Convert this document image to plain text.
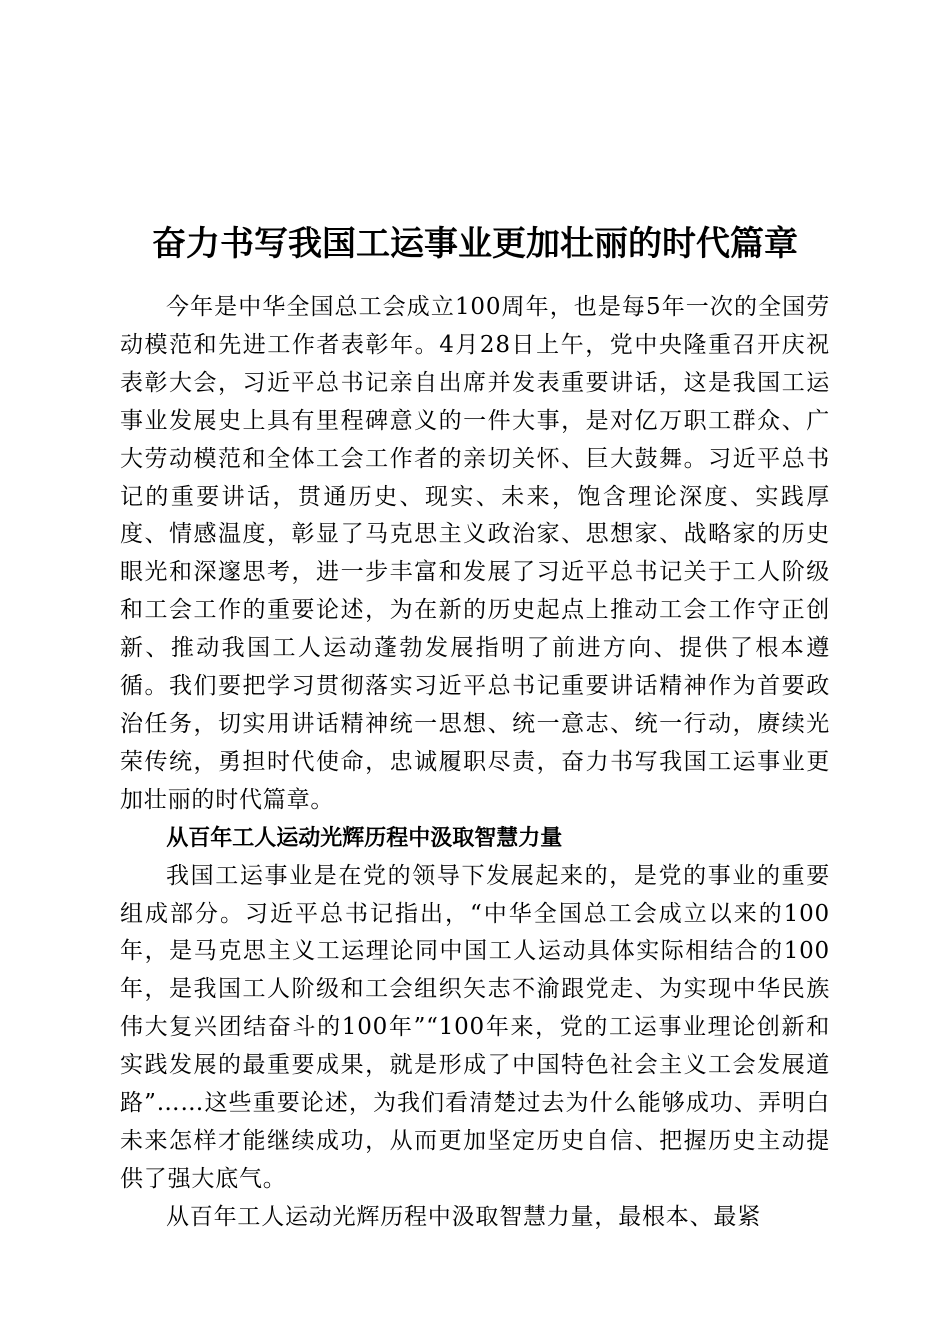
奋力书写我国工运事业更加壮丽的时代篇章

今年是中华全国总工会成立100周年，也是每5年一次的全国劳动模范和先进工作者表彰年。4月28日上午，党中央隆重召开庆祝表彰大会，习近平总书记亲自出席并发表重要讲话，这是我国工运事业发展史上具有里程碑意义的一件大事，是对亿万职工群众、广大劳动模范和全体工会工作者的亲切关怀、巨大鼓舞。习近平总书记的重要讲话，贯通历史、现实、未来，饱含理论深度、实践厚度、情感温度，彰显了马克思主义政治家、思想家、战略家的历史眼光和深邃思考，进一步丰富和发展了习近平总书记关于工人阶级和工会工作的重要论述，为在新的历史起点上推动工会工作守正创新、推动我国工人运动蓬勃发展指明了前进方向、提供了根本遵循。我们要把学习贯彻落实习近平总书记重要讲话精神作为首要政治任务，切实用讲话精神统一思想、统一意志、统一行动，赓续光荣传统，勇担时代使命，忠诚履职尽责，奋力书写我国工运事业更加壮丽的时代篇章。

从百年工人运动光辉历程中汲取智慧力量

我国工运事业是在党的领导下发展起来的，是党的事业的重要组成部分。习近平总书记指出，“中华全国总工会成立以来的100年，是马克思主义工运理论同中国工人运动具体实际相结合的100年，是我国工人阶级和工会组织矢志不渝跟党走、为实现中华民族伟大复兴团结奋斗的100年”“100年来，党的工运事业理论创新和实践发展的最重要成果，就是形成了中国特色社会主义工会发展道路”……这些重要论述，为我们看清楚过去为什么能够成功、弄明白未来怎样才能继续成功，从而更加坚定历史自信、把握历史主动提供了强大底气。

从百年工人运动光辉历程中汲取智慧力量，最根本、最紧
